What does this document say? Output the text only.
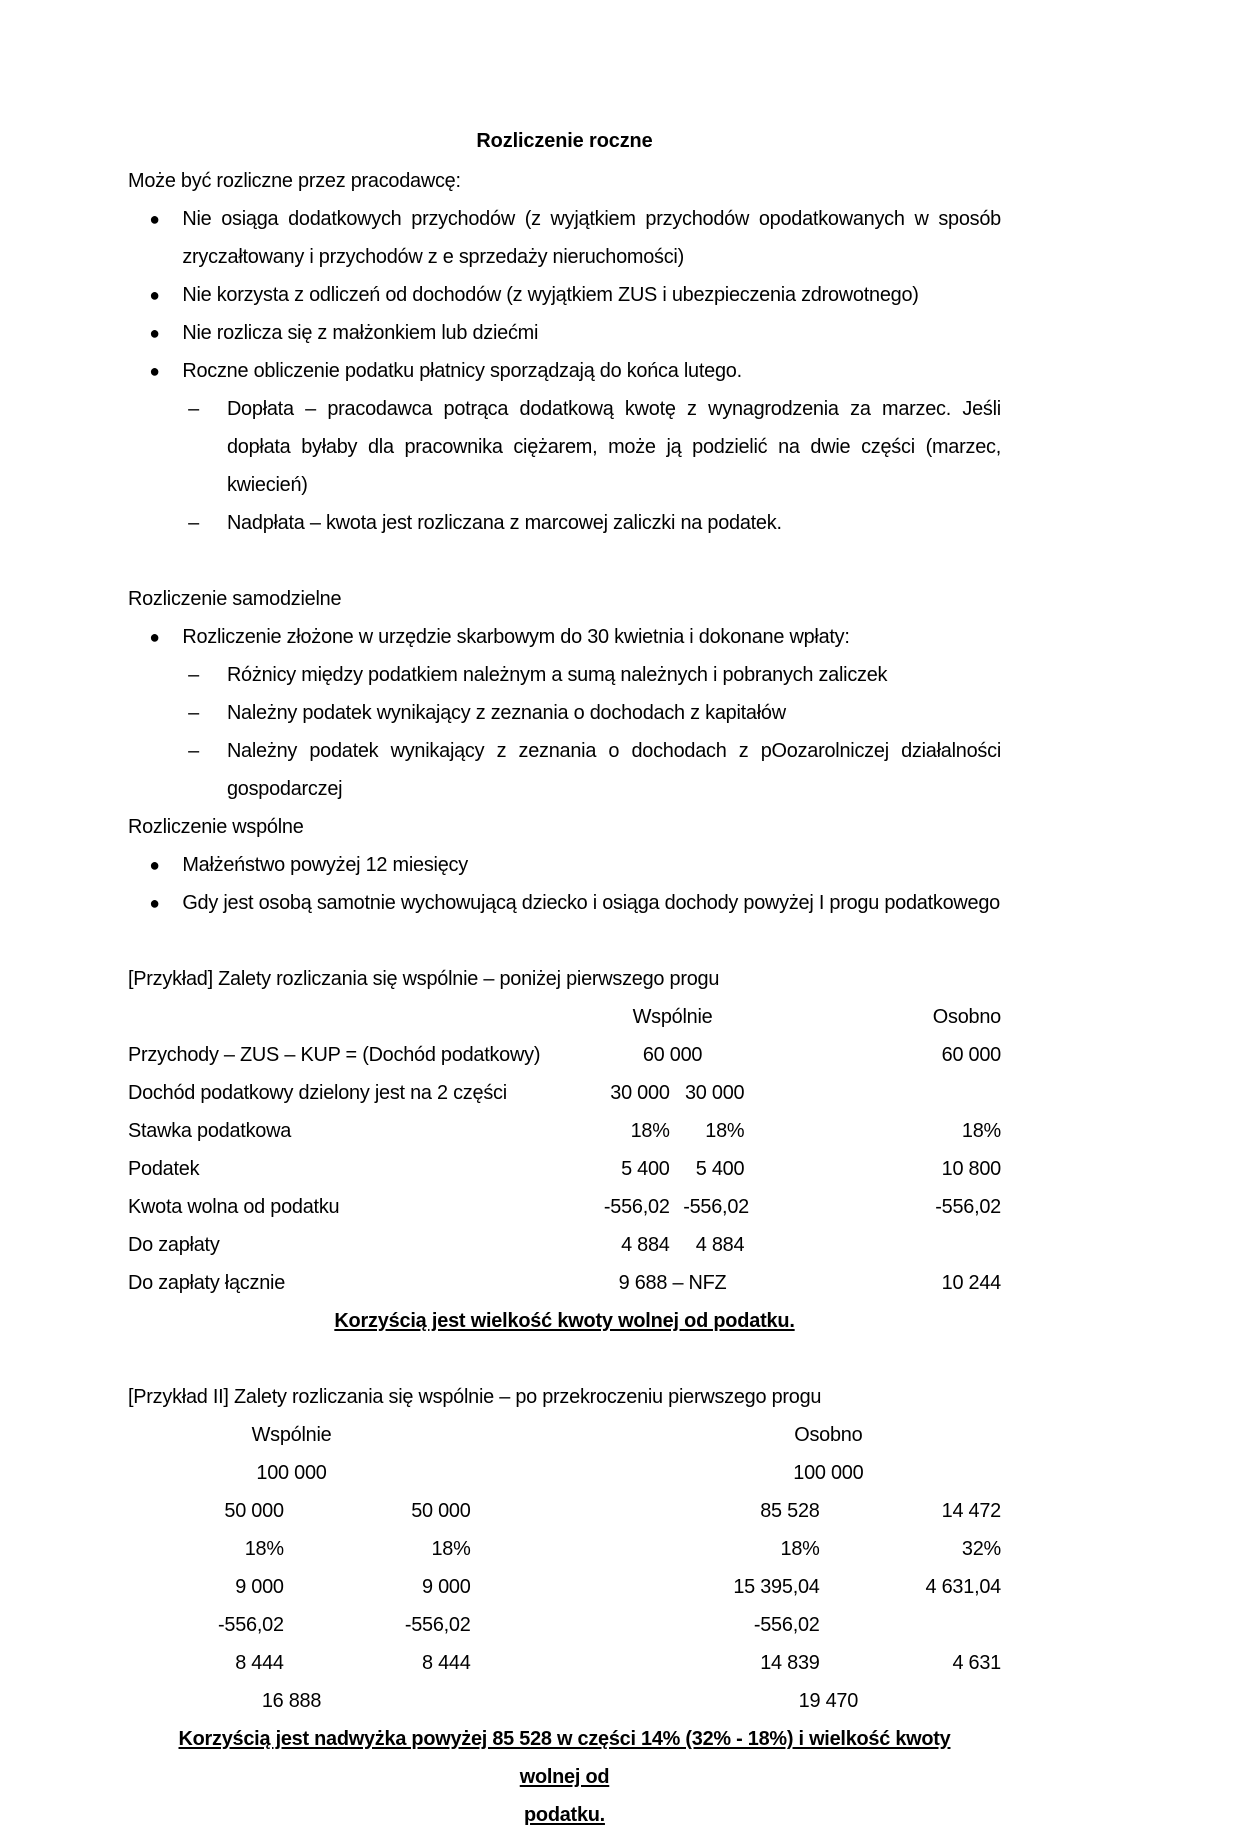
Rozliczenie roczne
Może być rozliczne przez pracodawcę:
● Nie osiąga dodatkowych przychodów (z wyjątkiem przychodów opodatkowanych w sposób zryczałtowany i przychodów z e sprzedaży nieruchomości)
● Nie korzysta z odliczeń od dochodów (z wyjątkiem ZUS i ubezpieczenia zdrowotnego)
● Nie rozlicza się z małżonkiem lub dziećmi
● Roczne obliczenie podatku płatnicy sporządzają do końca lutego.
– Dopłata – pracodawca potrąca dodatkową kwotę z wynagrodzenia za marzec. Jeśli dopłata byłaby dla pracownika ciężarem, może ją podzielić na dwie części (marzec, kwiecień)
– Nadpłata – kwota jest rozliczana z marcowej zaliczki na podatek.
Rozliczenie samodzielne
● Rozliczenie złożone w urzędzie skarbowym do 30 kwietnia i dokonane wpłaty:
– Różnicy między podatkiem należnym a sumą należnych i pobranych zaliczek
– Należny podatek wynikający z zeznania o dochodach z kapitałów
– Należny podatek wynikający z zeznania o dochodach z pOozarolniczej działalności gospodarczej
Rozliczenie wspólne
● Małżeństwo powyżej 12 miesięcy
● Gdy jest osobą samotnie wychowującą dziecko i osiąga dochody powyżej I progu podatkowego
[Przykład] Zalety rozliczania się wspólnie – poniżej pierwszego progu
	Wspólnie			Osobno
Przychody – ZUS – KUP = (Dochód podatkowy)	60 000			60 000
Dochód podatkowy dzielony jest na 2 części	30 000	30 000		
Stawka podatkowa	18%	18%		18%
Podatek	5 400	5 400		10 800
Kwota wolna od podatku	-556,02	-556,02		-556,02
Do zapłaty	4 884	4 884		
Do zapłaty łącznie	9 688 – NFZ			10 244
Korzyścią jest wielkość kwoty wolnej od podatku.
[Przykład II] Zalety rozliczania się wspólnie – po przekroczeniu pierwszego progu
Wspólnie			Osobno	
100 000			100 000	
50 000	50 000		85 528	14 472
18%	18%		18%	32%
9 000	9 000		15 395,04	4 631,04
-556,02	-556,02		-556,02	
8 444	8 444		14 839	4 631
16 888			19 470	
Korzyścią jest nadwyżka powyżej 85 528 w części 14% (32% - 18%) i wielkość kwoty wolnej od
podatku.
